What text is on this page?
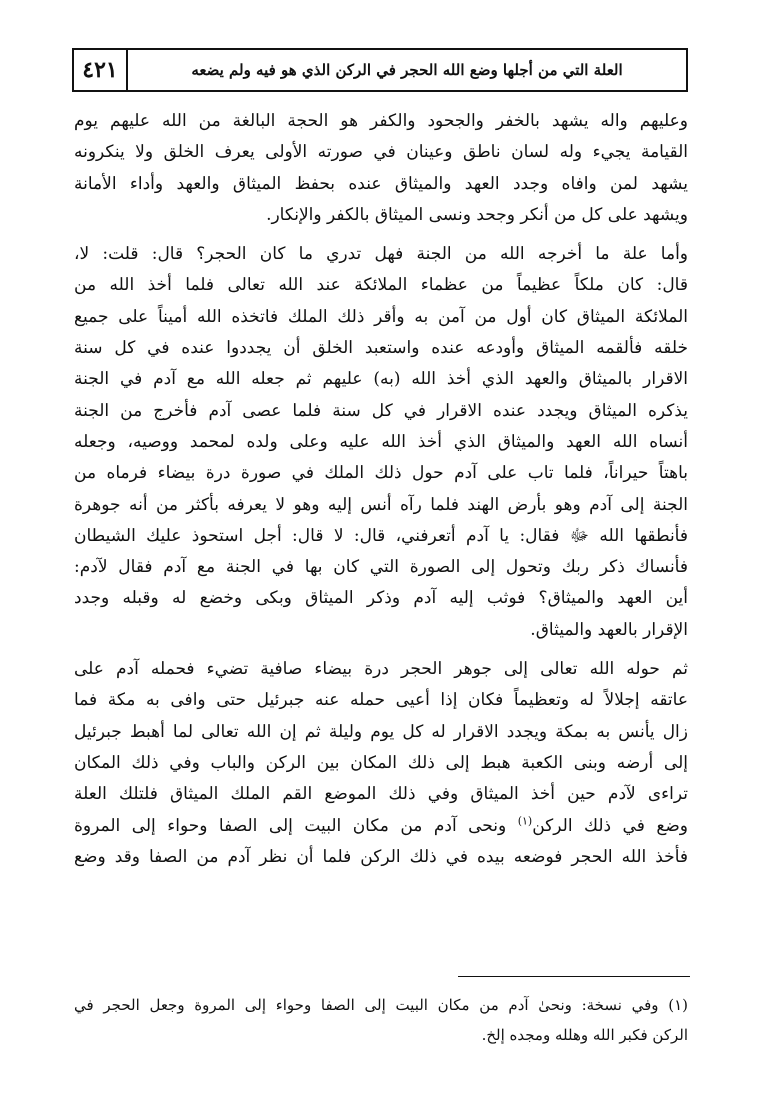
٤٢١	العلة التي من أجلها وضع الله الحجر في الركن الذي هو فيه ولم يضعه
وعليهم واله يشهد بالخفر والجحود والكفر هو الحجة البالغة من الله عليهم يوم
القيامة يجيء وله لسان ناطق وعينان في صورته الأولى يعرف الخلق ولا ينكرونه
يشهد لمن وافاه وجدد العهد والميثاق عنده بحفظ الميثاق والعهد وأداء الأمانة
ويشهد على كل من أنكر وجحد ونسى الميثاق بالكفر والإنكار.
وأما علة ما أخرجه الله من الجنة فهل تدري ما كان الحجر؟ قال: قلت: لا،
قال: كان ملكاً عظيماً من عظماء الملائكة عند الله تعالى فلما أخذ الله من
الملائكة الميثاق كان أول من آمن به وأقر ذلك الملك فاتخذه الله أميناً على جميع
خلقه فألقمه الميثاق وأودعه عنده واستعبد الخلق أن يجددوا عنده في كل سنة
الاقرار بالميثاق والعهد الذي أخذ الله (به) عليهم ثم جعله الله مع آدم في الجنة
يذكره الميثاق ويجدد عنده الاقرار في كل سنة فلما عصى آدم فأخرج من الجنة
أنساه الله العهد والميثاق الذي أخذ الله عليه وعلى ولده لمحمد ووصيه، وجعله
باهتاً حيراناً، فلما تاب على آدم حول ذلك الملك في صورة درة بيضاء فرماه من
الجنة إلى آدم وهو بأرض الهند فلما رآه أنس إليه وهو لا يعرفه بأكثر من أنه جوهرة
فأنطقها الله ﷻ فقال: يا آدم أتعرفني، قال: لا قال: أجل استحوذ عليك الشيطان
فأنساك ذكر ربك وتحول إلى الصورة التي كان بها في الجنة مع آدم فقال لآدم:
أين العهد والميثاق؟ فوثب إليه آدم وذكر الميثاق وبكى وخضع له وقبله وجدد
الإقرار بالعهد والميثاق.
ثم حوله الله تعالى إلى جوهر الحجر درة بيضاء صافية تضيء فحمله آدم على
عاتقه إجلالاً له وتعظيماً فكان إذا أعيى حمله عنه جبرئيل حتى وافى به مكة فما
زال يأنس به بمكة ويجدد الاقرار له كل يوم وليلة ثم إن الله تعالى لما أهبط جبرئيل
إلى أرضه وبنى الكعبة هبط إلى ذلك المكان بين الركن والباب وفي ذلك المكان
تراءى لآدم حين أخذ الميثاق وفي ذلك الموضع القم الملك الميثاق فلتلك العلة
وضع في ذلك الركن$^{(١)}$ ونحى آدم من مكان البيت إلى الصفا وحواء إلى المروة
فأخذ الله الحجر فوضعه بيده في ذلك الركن فلما أن نظر آدم من الصفا وقد وضع
(١) وفي نسخة: ونحىٰ آدم من مكان البيت إلى الصفا وحواء إلى المروة وجعل الحجر في
الركن فكبر الله وهلله ومجده إلخ.
